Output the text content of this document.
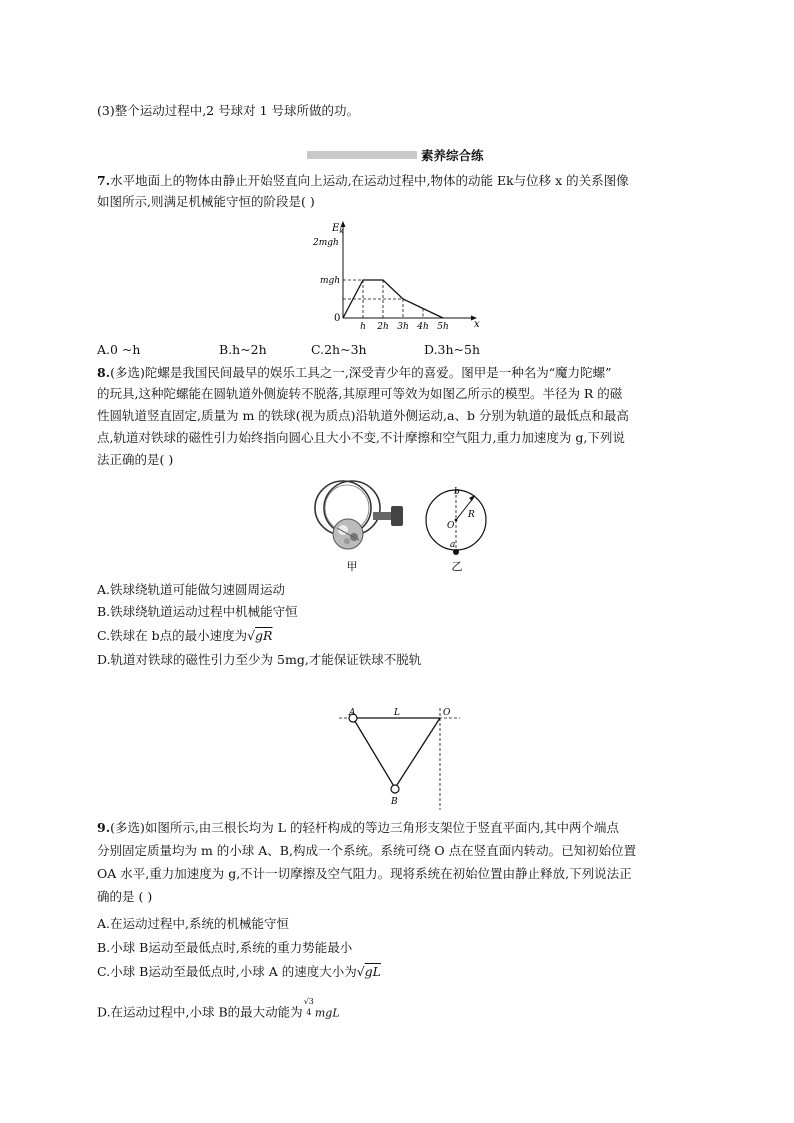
(3)整个运动过程中,2 号球对 1 号球所做的功。
素养综合练
7.水平地面上的物体由静止开始竖直向上运动,在运动过程中,物体的动能 Ek与位移 x 的关系图像
如图所示,则满足机械能守恒的阶段是( )
$E_k$
x
0
2mgh
mgh
h 2h 3h 4h 5h
A.0 ~h	B.h~2h	C.2h~3h	D.3h~5h
8.(多选)陀螺是我国民间最早的娱乐工具之一,深受青少年的喜爱。图甲是一种名为“魔力陀螺”
的玩具,这种陀螺能在圆轨道外侧旋转不脱落,其原理可等效为如图乙所示的模型。半径为 R 的磁
性圆轨道竖直固定,质量为 m 的铁球(视为质点)沿轨道外侧运动,a、b 分别为轨道的最低点和最高
点,轨道对铁球的磁性引力始终指向圆心且大小不变,不计摩擦和空气阻力,重力加速度为 g,下列说
法正确的是( )
甲
b
O
R
a
乙
A.铁球绕轨道可能做匀速圆周运动
B.铁球绕轨道运动过程中机械能守恒
C.铁球在 b点的最小速度为√gR
D.轨道对铁球的磁性引力至少为 5mg,才能保证铁球不脱轨
A	L	O
B
9.(多选)如图所示,由三根长均为 L 的轻杆构成的等边三角形支架位于竖直平面内,其中两个端点
分别固定质量均为 m 的小球 A、B,构成一个系统。系统可绕 O 点在竖直面内转动。已知初始位置
OA 水平,重力加速度为 g,不计一切摩擦及空气阻力。现将系统在初始位置由静止释放,下列说法正
确的是 ( )
A.在运动过程中,系统的机械能守恒
B.小球 B运动至最低点时,系统的重力势能最小
C.小球 B运动至最低点时,小球 A 的速度大小为√gL
D.在运动过程中,小球 B的最大动能为
√3
4 mgL
